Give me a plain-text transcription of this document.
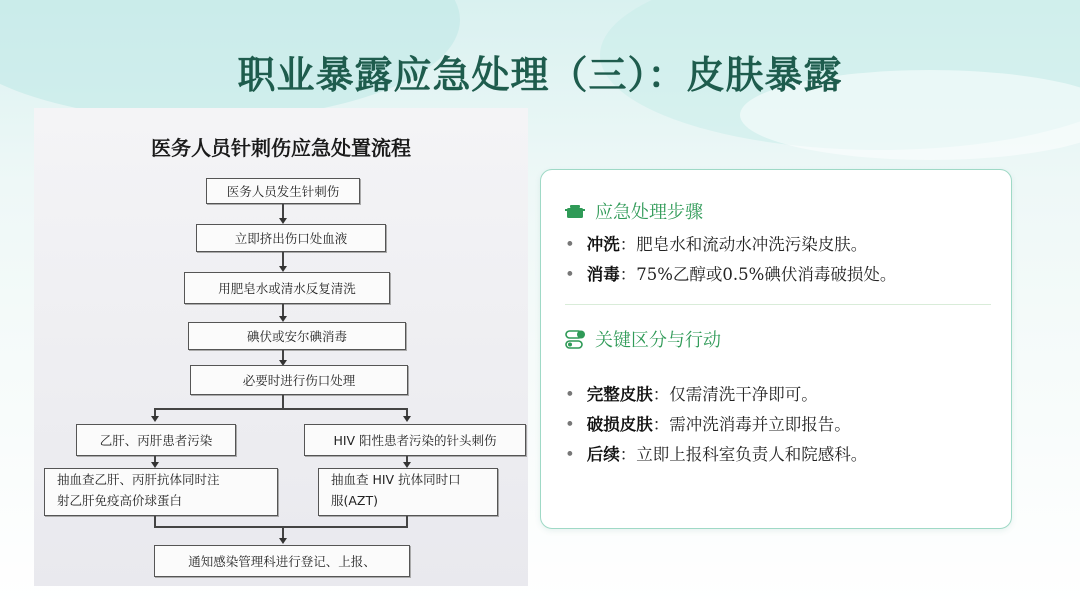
职业暴露应急处理（三）：皮肤暴露
医务人员针刺伤应急处置流程
医务人员发生针刺伤
立即挤出伤口处血液
用肥皂水或清水反复清洗
碘伏或安尔碘消毒
必要时进行伤口处理
乙肝、丙肝患者污染	HIV 阳性患者污染的针头刺伤
抽血查乙肝、丙肝抗体同时注
射乙肝免疫高价球蛋白
抽血查 HIV 抗体同时口
服(AZT)
通知感染管理科进行登记、上报、
应急处理步骤
• 冲洗：肥皂水和流动水冲洗污染皮肤。
• 消毒：75%乙醇或0.5%碘伏消毒破损处。
关键区分与行动
• 完整皮肤：仅需清洗干净即可。
• 破损皮肤：需冲洗消毒并立即报告。
• 后续：立即上报科室负责人和院感科。
